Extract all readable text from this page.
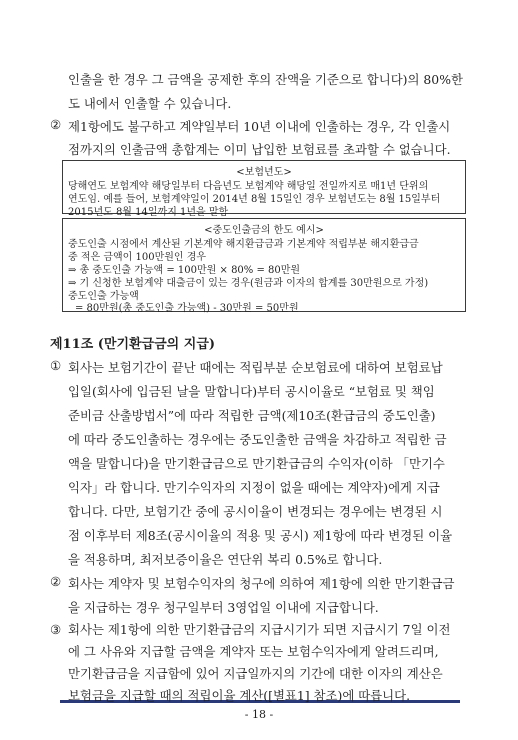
인출을 한 경우 그 금액을 공제한 후의 잔액을 기준으로 합니다)의 80%한
도 내에서 인출할 수 있습니다.
② 제1항에도 불구하고 계약일부터 10년 이내에 인출하는 경우, 각 인출시
점까지의 인출금액 총합계는 이미 납입한 보험료를 초과할 수 없습니다.
<보험년도>
당해연도 보험계약 해당일부터 다음년도 보험계약 해당일 전일까지로 매1년 단위의
연도임. 예를 들어, 보험계약일이 2014년 8월 15일인 경우 보험년도는 8월 15일부터
2015년도 8월 14일까지 1년을 말함
<중도인출금의 한도 예시>
중도인출 시점에서 계산된 기본계약 해지환급금과 기본계약 적립부분 해지환급금
중 적은 금액이 100만원인 경우
⇒ 총 중도인출 가능액 = 100만원 × 80% = 80만원
⇒ 기 신청한 보험계약 대출금이 있는 경우(원금과 이자의 합계를 30만원으로 가정)
중도인출 가능액
= 80만원(총 중도인출 가능액) - 30만원 = 50만원
제11조 (만기환급금의 지급)
① 회사는 보험기간이 끝난 때에는 적립부분 순보험료에 대하여 보험료납
입일(회사에 입금된 날을 말합니다)부터 공시이율로 “보험료 및 책임
준비금 산출방법서”에 따라 적립한 금액(제10조(환급금의 중도인출)
에 따라 중도인출하는 경우에는 중도인출한 금액을 차감하고 적립한 금
액을 말합니다)을 만기환급금으로 만기환급금의 수익자(이하 「만기수
익자」라 합니다. 만기수익자의 지정이 없을 때에는 계약자)에게 지급
합니다. 다만, 보험기간 중에 공시이율이 변경되는 경우에는 변경된 시
점 이후부터 제8조(공시이율의 적용 및 공시) 제1항에 따라 변경된 이율
을 적용하며, 최저보증이율은 연단위 복리 0.5%로 합니다.
② 회사는 계약자 및 보험수익자의 청구에 의하여 제1항에 의한 만기환급금
을 지급하는 경우 청구일부터 3영업일 이내에 지급합니다.
③ 회사는 제1항에 의한 만기환급금의 지급시기가 되면 지급시기 7일 이전
에 그 사유와 지급할 금액을 계약자 또는 보험수익자에게 알려드리며,
만기환급금을 지급함에 있어 지급일까지의 기간에 대한 이자의 계산은
- 18 -
보험금을 지급할 때의 적립이율 계산([별표1] 참조)에 따릅니다.
